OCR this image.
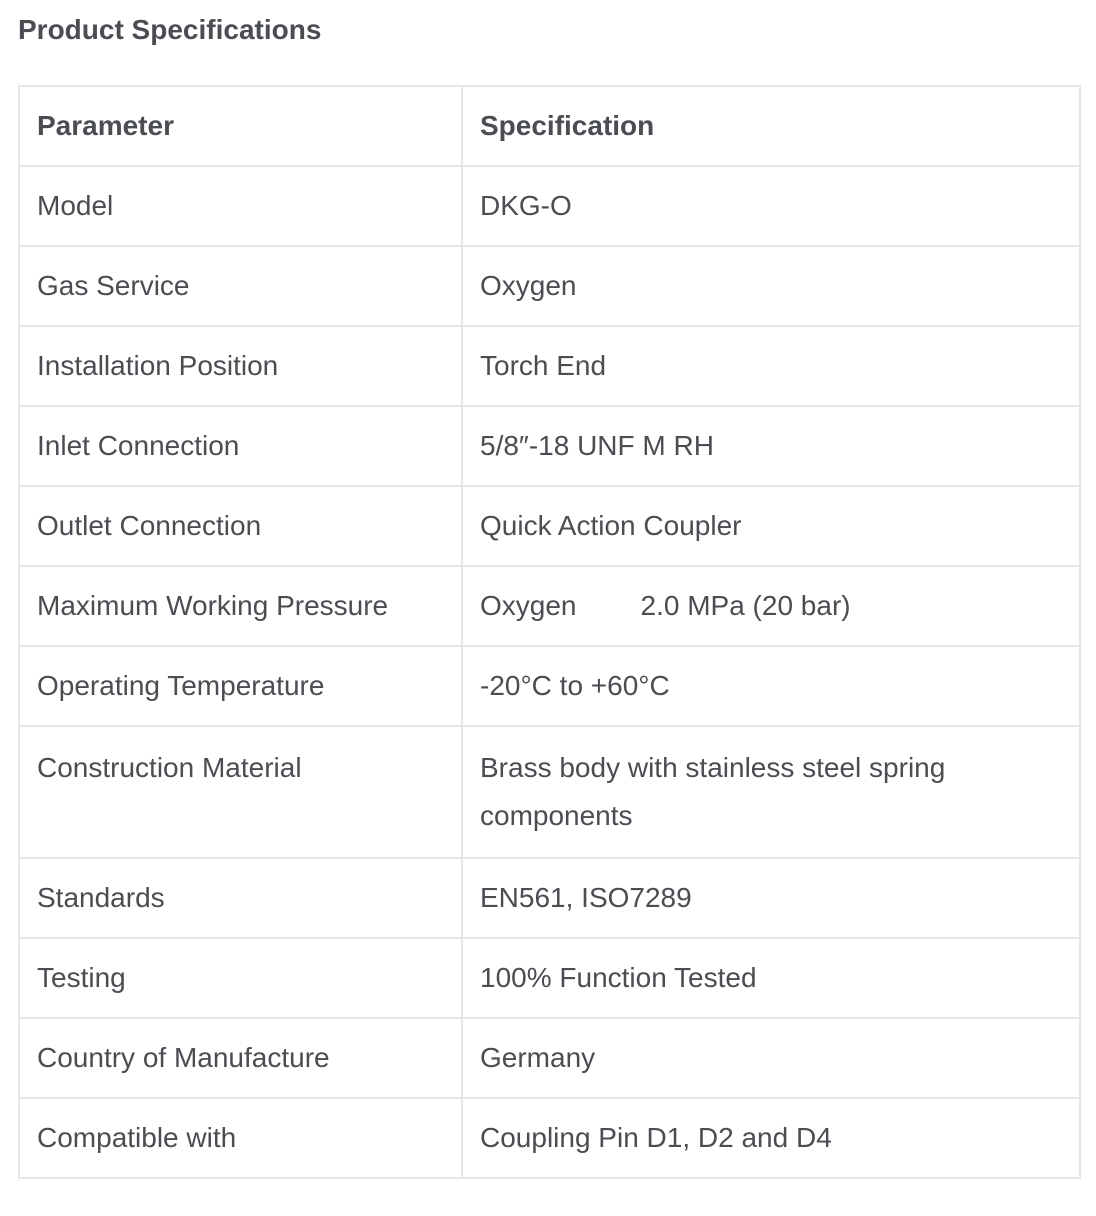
Product Specifications
Parameter	Specification
Model	DKG-O
Gas Service	Oxygen
Installation Position	Torch End
Inlet Connection	5/8″-18 UNF M RH
Outlet Connection	Quick Action Coupler
Maximum Working Pressure	Oxygen 2.0 MPa (20 bar)
Operating Temperature	-20°C to +60°C
Construction Material	Brass body with stainless steel spring components
Standards	EN561, ISO7289
Testing	100% Function Tested
Country of Manufacture	Germany
Compatible with	Coupling Pin D1, D2 and D4
